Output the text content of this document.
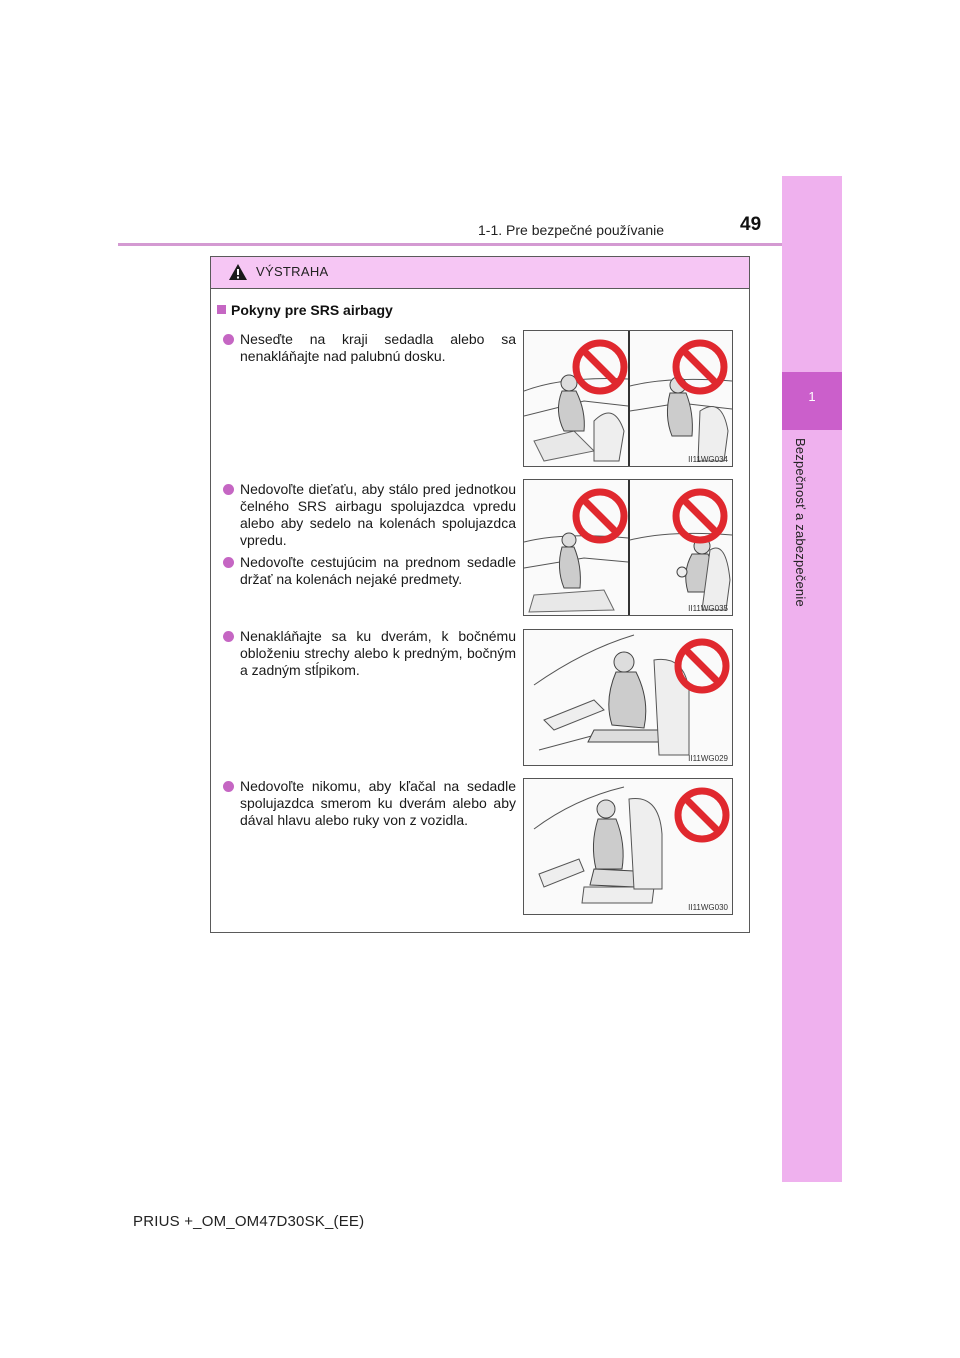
1
Bezpečnosť a zabezpečenie
1-1. Pre bezpečné používanie	49
VÝSTRAHA
Pokyny pre SRS airbagy
Neseďte na kraji sedadla alebo sa nenakláňajte nad palubnú dosku.
Nedovoľte dieťaťu, aby stálo pred jednotkou čelného SRS airbagu spolujazdca vpredu alebo aby sedelo na kolenách spolujazdca vpredu.
Nedovoľte cestujúcim na prednom sedadle držať na kolenách nejaké predmety.
Nenakláňajte sa ku dverám, k bočnému obloženiu strechy alebo k predným, bočným a zadným stĺpikom.
Nedovoľte nikomu, aby kľačal na sedadle spolujazdca smerom ku dverám alebo aby dával hlavu alebo ruky von z vozidla.
II11WG034
II11WG035
II11WG029
II11WG030
PRIUS +_OM_OM47D30SK_(EE)
